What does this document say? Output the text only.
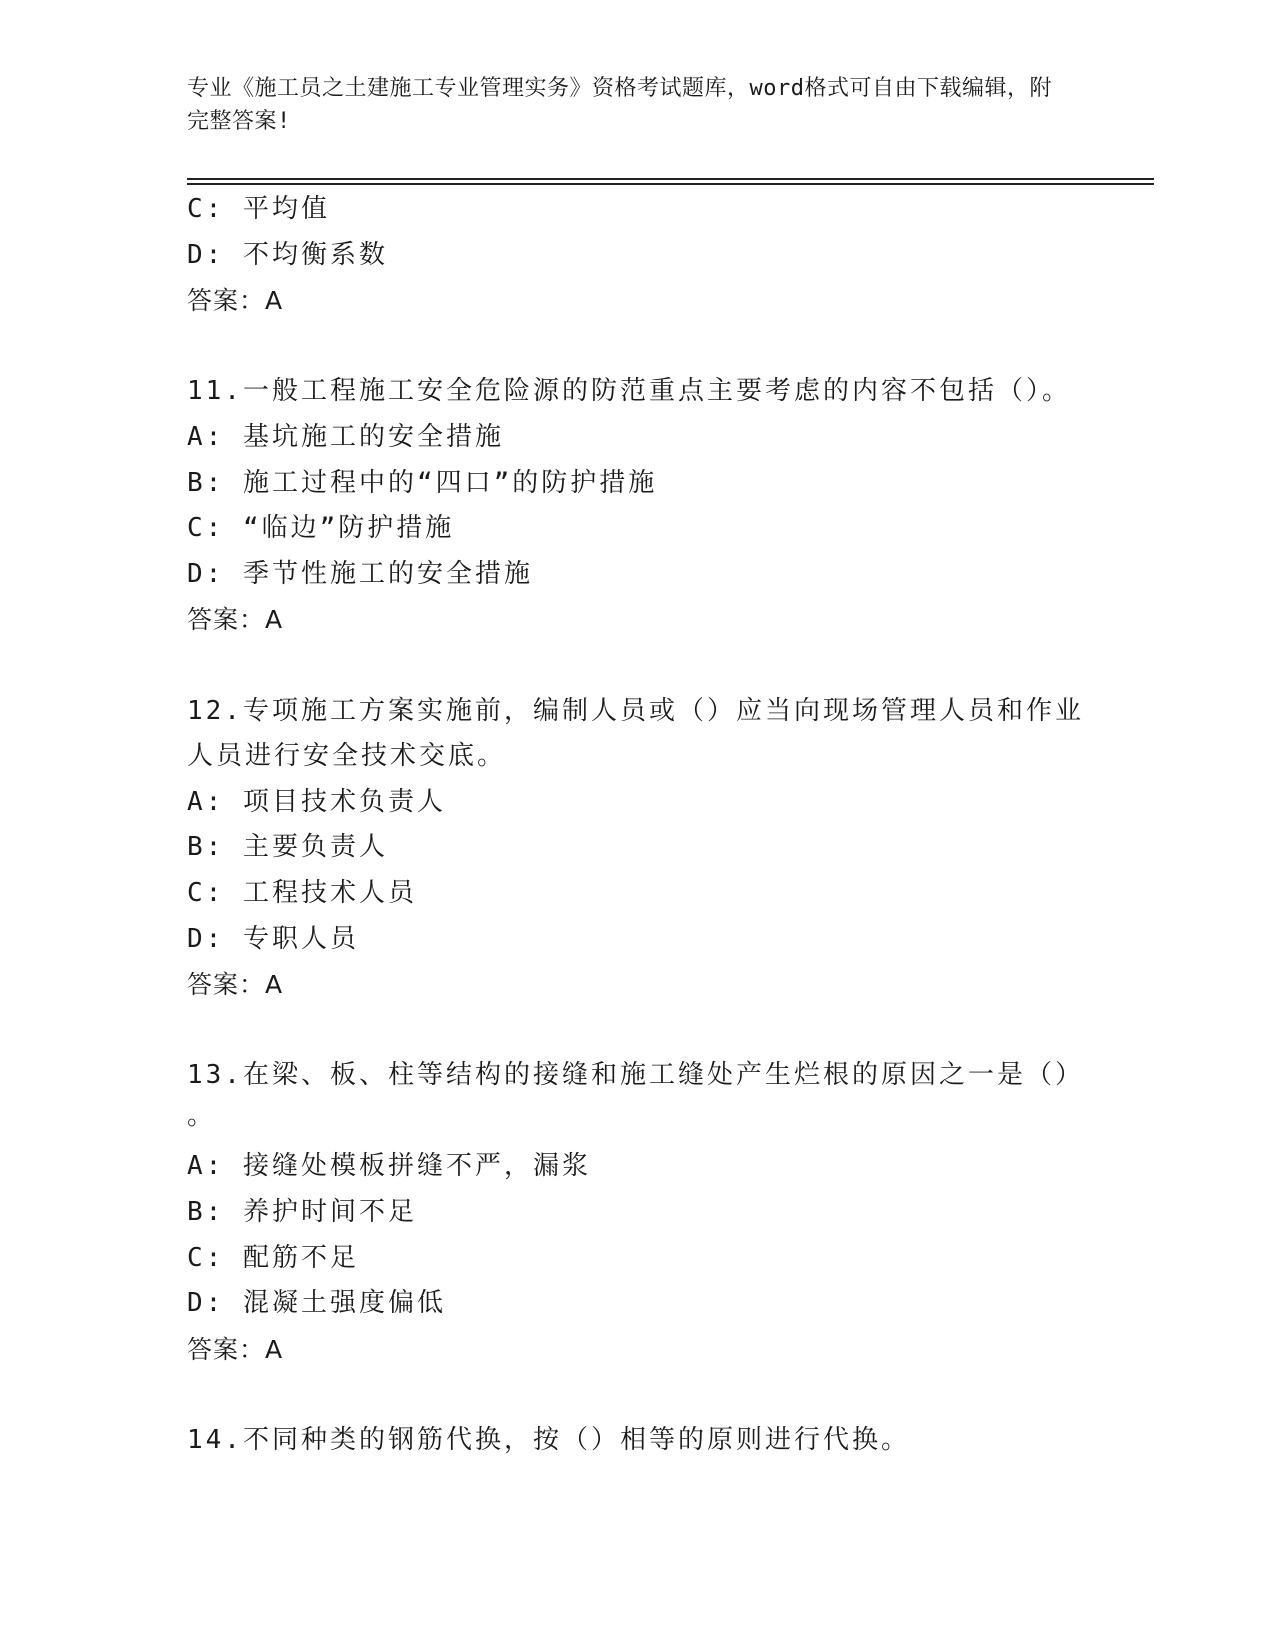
专业《施工员之土建施工专业管理实务》资格考试题库，word格式可自由下载编辑，附完整答案!
C: 平均值
D: 不均衡系数
答案：A
11.一般工程施工安全危险源的防范重点主要考虑的内容不包括（）。
A: 基坑施工的安全措施
B: 施工过程中的“四口”的防护措施
C: “临边”防护措施
D: 季节性施工的安全措施
答案：A
12.专项施工方案实施前，编制人员或（）应当向现场管理人员和作业
人员进行安全技术交底。
A: 项目技术负责人
B: 主要负责人
C: 工程技术人员
D: 专职人员
答案：A
13.在梁、板、柱等结构的接缝和施工缝处产生烂根的原因之一是（）
。
A: 接缝处模板拼缝不严，漏浆
B: 养护时间不足
C: 配筋不足
D: 混凝土强度偏低
答案：A
14.不同种类的钢筋代换，按（）相等的原则进行代换。
